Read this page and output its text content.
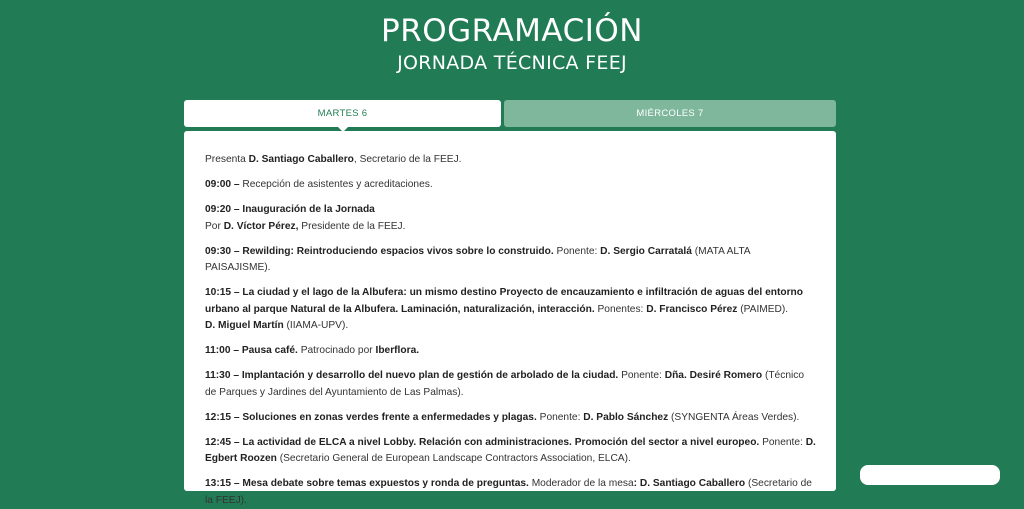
PROGRAMACIÓN
JORNADA TÉCNICA FEEJ
MARTES 6	MIÉRCOLES 7

Presenta D. Santiago Caballero, Secretario de la FEEJ.

09:00 – Recepción de asistentes y acreditaciones.

09:20 – Inauguración de la Jornada
Por D. Víctor Pérez, Presidente de la FEEJ.

09:30 – Rewilding: Reintroduciendo espacios vivos sobre lo construido. Ponente: D. Sergio Carratalá (MATA ALTA PAISAJISME).

10:15 – La ciudad y el lago de la Albufera: un mismo destino Proyecto de encauzamiento e infiltración de aguas del entorno urbano al parque Natural de la Albufera. Laminación, naturalización, interacción. Ponentes: D. Francisco Pérez (PAIMED).
D. Miguel Martín (IIAMA-UPV).

11:00 – Pausa café. Patrocinado por Iberflora.

11:30 – Implantación y desarrollo del nuevo plan de gestión de arbolado de la ciudad. Ponente: Dña. Desiré Romero (Técnico de Parques y Jardines del Ayuntamiento de Las Palmas).

12:15 – Soluciones en zonas verdes frente a enfermedades y plagas. Ponente: D. Pablo Sánchez (SYNGENTA Áreas Verdes).

12:45 – La actividad de ELCA a nivel Lobby. Relación con administraciones. Promoción del sector a nivel europeo. Ponente: D. Egbert Roozen (Secretario General de European Landscape Contractors Association, ELCA).

13:15 – Mesa debate sobre temas expuestos y ronda de preguntas. Moderador de la mesa: D. Santiago Caballero (Secretario de la FEEJ).
